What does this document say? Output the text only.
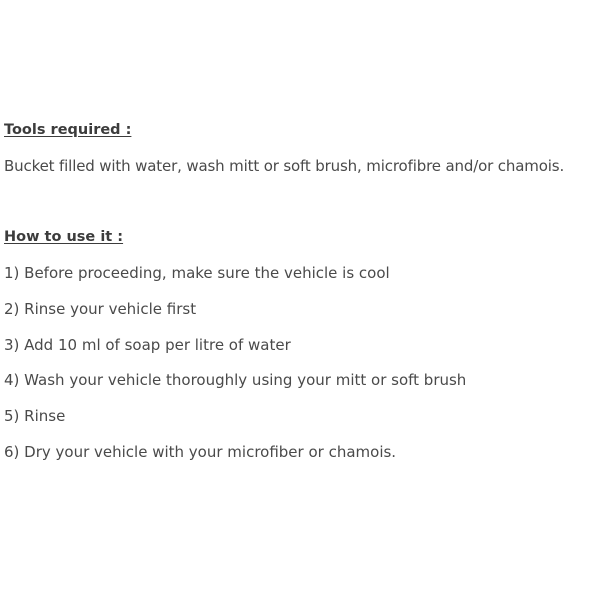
Tools required :
Bucket filled with water, wash mitt or soft brush, microfibre and/or chamois.
How to use it :
1) Before proceeding, make sure the vehicle is cool
2) Rinse your vehicle first
3) Add 10 ml of soap per litre of water
4) Wash your vehicle thoroughly using your mitt or soft brush
5) Rinse
6) Dry your vehicle with your microfiber or chamois.
